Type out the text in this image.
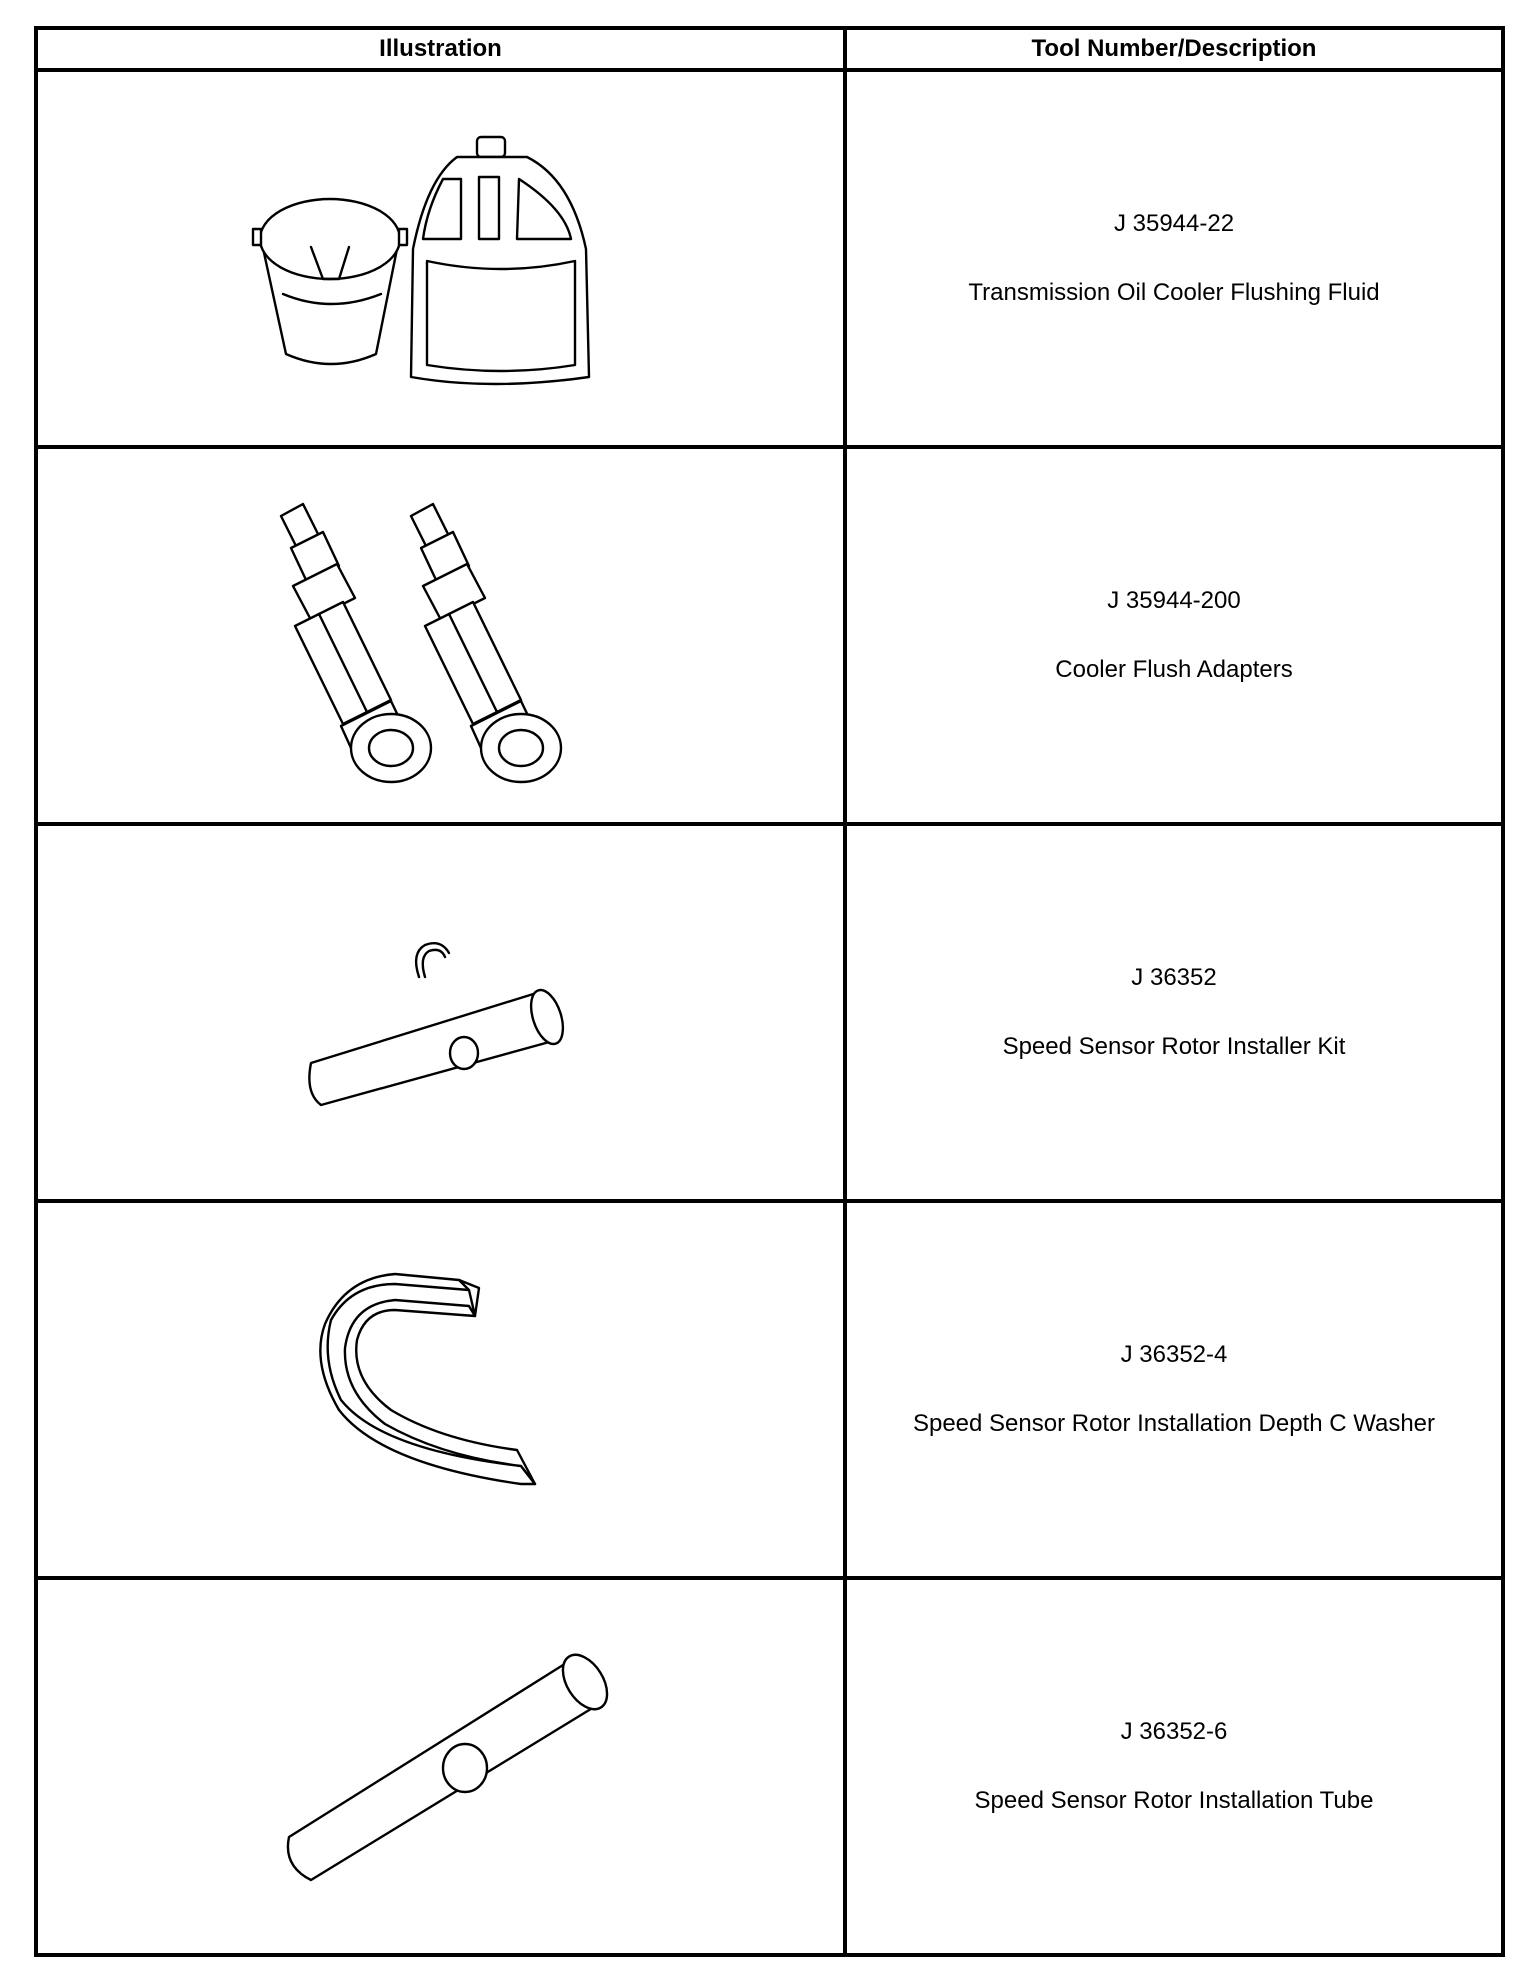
Illustration	Tool Number/Description

J 35944-22
Transmission Oil Cooler Flushing Fluid

J 35944-200
Cooler Flush Adapters

J 36352
Speed Sensor Rotor Installer Kit

J 36352-4
Speed Sensor Rotor Installation Depth C Washer

J 36352-6
Speed Sensor Rotor Installation Tube
